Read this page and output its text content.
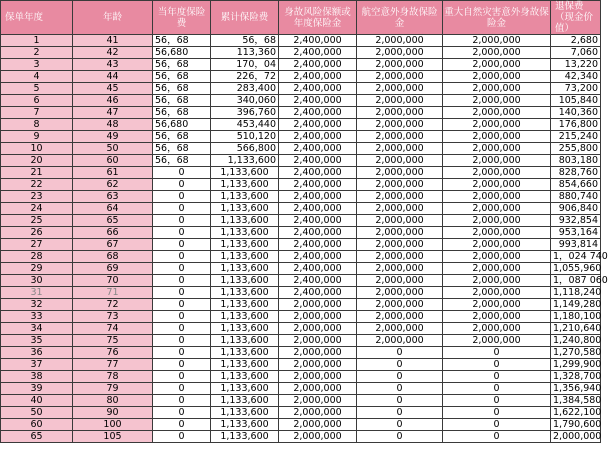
保单年度	年龄	当年度保险费	累计保险费	身故风险保额或年度保险金	航空意外身故保险金	重大自然灾害意外身故保险金	退保费（现金价值）
1	41	56，68	56，68	2,400,000	2,000,000	2,000,000	2,680
2	42	56,680	113,360	2,400,000	2,000,000	2,000,000	7,060
3	43	56，68	170，04	2,400,000	2,000,000	2,000,000	13,220
4	44	56，68	226，72	2,400,000	2,000,000	2,000,000	42,340
5	45	56，68	283,400	2,400,000	2,000,000	2,000,000	73,200
6	46	56，68	340,060	2,400,000	2,000,000	2,000,000	105,840
7	47	56，68	396,760	2,400,000	2,000,000	2,000,000	140,360
8	48	56,680	453,440	2,400,000	2,000,000	2,000,000	176,800
9	49	56，68	510,120	2,400,000	2,000,000	2,000,000	215,240
10	50	56，68	566,800	2,400,000	2,000,000	2,000,000	255,800
20	60	56，68	1,133,600	2,400,000	2,000,000	2,000,000	803,180
21	61	0	1,133,600	2,400,000	2,000,000	2,000,000	828,760
22	62	0	1,133,600	2,400,000	2,000,000	2,000,000	854,660
23	63	0	1,133,600	2,400,000	2,000,000	2,000,000	880,740
24	64	0	1,133,600	2,400,000	2,000,000	2,000,000	906,840
25	65	0	1,133,600	2,400,000	2,000,000	2,000,000	932,854
26	66	0	1,133,600	2,400,000	2,000,000	2,000,000	953,164
27	67	0	1,133,600	2,400,000	2,000,000	2,000,000	993,814
28	68	0	1,133,600	2,400,000	2,000,000	2,000,000	1，024 740
29	69	0	1,133,600	2,400,000	2,000,000	2,000,000	1,055,960
30	70	0	1,133,600	2,400,000	2,000,000	2,000,000	1，087 060
31	71	0	1,133,600	2,400,000	2,000,000	2,000,000	1,118,240
32	72	0	1,133,600	2,000,000	2,000,000	2,000,000	1,149,280
33	73	0	1,133,600	2,000,000	2,000,000	2,000,000	1,180,100
34	74	0	1,133,600	2,000,000	2,000,000	2,000,000	1,210,640
35	75	0	1,133,600	2,000,000	2,000,000	2,000,000	1,240,800
36	76	0	1,133,600	2,000,000	0	0	1,270,580
37	77	0	1,133,600	2,000,000	0	0	1,299,900
38	78	0	1,133,600	2,000,000	0	0	1,328,700
39	79	0	1,133,600	2,000,000	0	0	1,356,940
40	80	0	1,133,600	2,000,000	0	0	1,384,580
50	90	0	1,133,600	2,000,000	0	0	1,622,100
60	100	0	1,133,600	2,000,000	0	0	1,790,600
65	105	0	1,133,600	2,000,000	0	0	2,000,000
